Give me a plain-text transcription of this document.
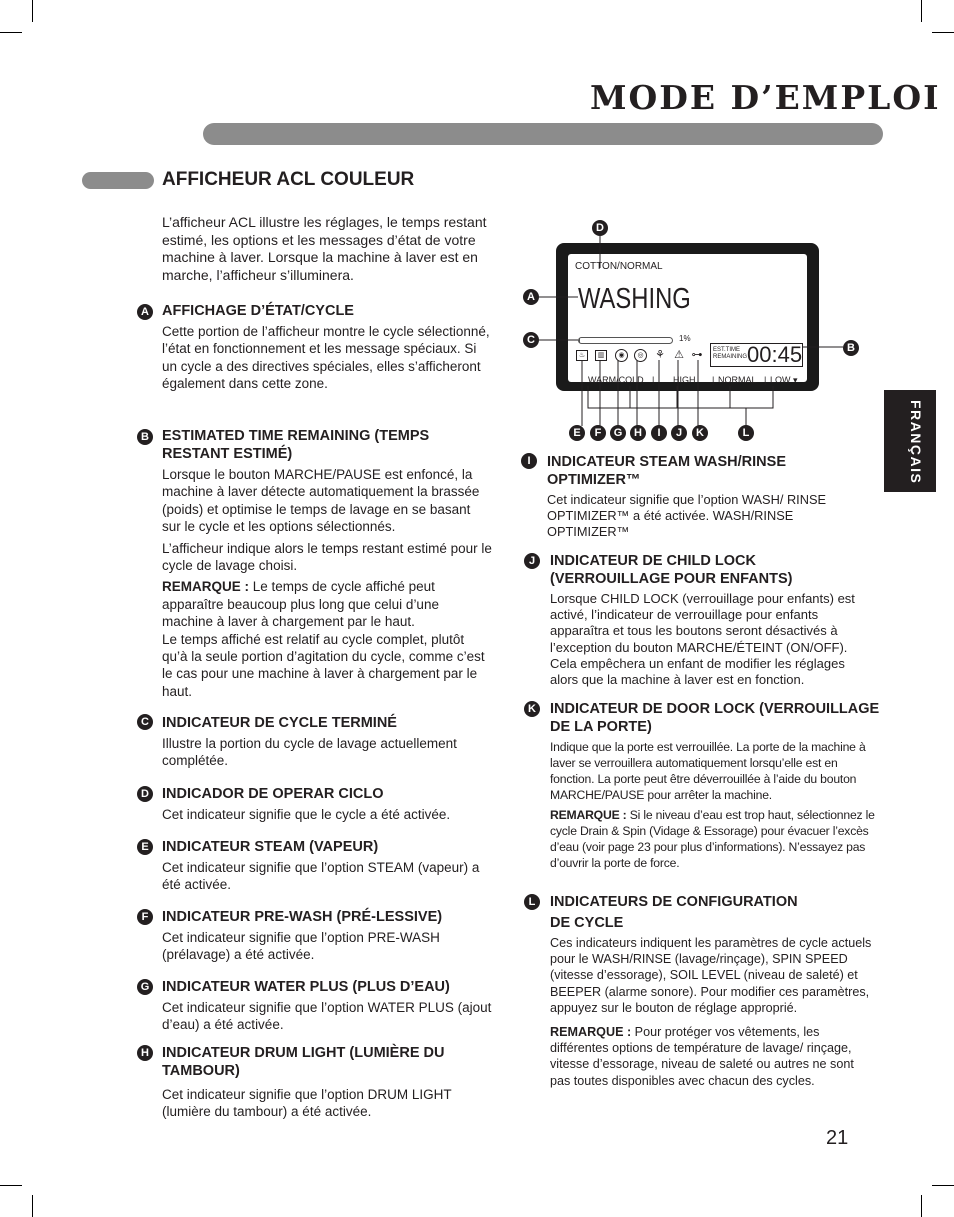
MODE D’EMPLOI
AFFICHEUR ACL COULEUR
L’afficheur ACL illustre les réglages, le temps restant estimé, les options et les messages d’état de votre machine à laver. Lorsque la machine à laver est en marche, l’afficheur s’illuminera.
A AFFICHAGE D’ÉTAT/CYCLE
Cette portion de l’afficheur montre le cycle sélectionné, l’état en fonctionnement et les message spéciaux. Si un cycle a des directives spéciales, elles s’afficheront également dans cette zone.
B ESTIMATED TIME REMAINING (TEMPS RESTANT ESTIMÉ)

Lorsque le bouton MARCHE/PAUSE est enfoncé, la machine à laver détecte automatiquement la brassée (poids) et optimise le temps de lavage en se basant sur le cycle et les options sélectionnés.

L’afficheur indique alors le temps restant estimé pour le cycle de lavage choisi.

REMARQUE : Le temps de cycle affiché peut apparaître beaucoup plus long que celui d’une machine à laver à chargement par le haut.

Le temps affiché est relatif au cycle complet, plutôt qu’à la seule portion d’agitation du cycle, comme c’est le cas pour une machine à laver à chargement par le haut.

C INDICATEUR DE CYCLE TERMINÉ
Illustre la portion du cycle de lavage actuellement complétée.
D INDICADOR DE OPERAR CICLO
Cet indicateur signifie que le cycle a été activée.
E INDICATEUR STEAM (VAPEUR)
Cet indicateur signifie que l’option STEAM (vapeur) a été activée.
F INDICATEUR PRE-WASH (PRÉ-LESSIVE)
Cet indicateur signifie que l’option PRE-WASH (prélavage) a été activée.
G INDICATEUR WATER PLUS (PLUS D’EAU)
Cet indicateur signifie que l’option WATER PLUS (ajout d’eau) a été activée.
H INDICATEUR DRUM LIGHT (LUMIÈRE DU TAMBOUR)
Cet indicateur signifie que l’option DRUM LIGHT (lumière du tambour) a été activée.
COTTON/NORMAL
WASHING
1%
♨	▥	◉	◎	⚘ ⚠ ⊶	EST.TIME
REMAINING 00:45
WARM/COLD | HIGH | NORMAL | LOW ▾
D
A
C
B
E	F	G	H	I	J	K	L
I	INDICATEUR STEAM WASH/RINSE OPTIMIZER™
Cet indicateur signifie que l’option WASH/ RINSE OPTIMIZER™ a été activée. WASH/RINSE OPTIMIZER™
J	INDICATEUR DE CHILD LOCK (VERROUILLAGE POUR ENFANTS)
Lorsque CHILD LOCK (verrouillage pour enfants) est activé, l’indicateur de verrouillage pour enfants apparaîtra et tous les boutons seront désactivés à l’exception du bouton MARCHE/ÉTEINT (ON/OFF). Cela empêchera un enfant de modifier les réglages alors que la machine à laver est en fonction.
K INDICATEUR DE DOOR LOCK (VERROUILLAGE DE LA PORTE)

Indique que la porte est verrouillée. La porte de la machine à laver se verrouillera automatiquement lorsqu’elle est en fonction. La porte peut être déverrouillée à l’aide du bouton MARCHE/PAUSE pour arrêter la machine.

REMARQUE : Si le niveau d’eau est trop haut, sélectionnez le cycle Drain & Spin (Vidage & Essorage) pour évacuer l’excès d’eau (voir page 23 pour plus d’informations). N’essayez pas d’ouvrir la porte de force.

L	INDICATEURS DE CONFIGURATION
DE CYCLE

Ces indicateurs indiquent les paramètres de cycle actuels pour le WASH/RINSE (lavage/rinçage), SPIN SPEED (vitesse d’essorage), SOIL LEVEL (niveau de saleté) et BEEPER (alarme sonore). Pour modifier ces paramètres, appuyez sur le bouton de réglage approprié.

REMARQUE : Pour protéger vos vêtements, les différentes options de température de lavage/ rinçage, vitesse d’essorage, niveau de saleté ou autres ne sont pas toutes disponibles avec chacun des cycles.

FRANÇAIS
21
